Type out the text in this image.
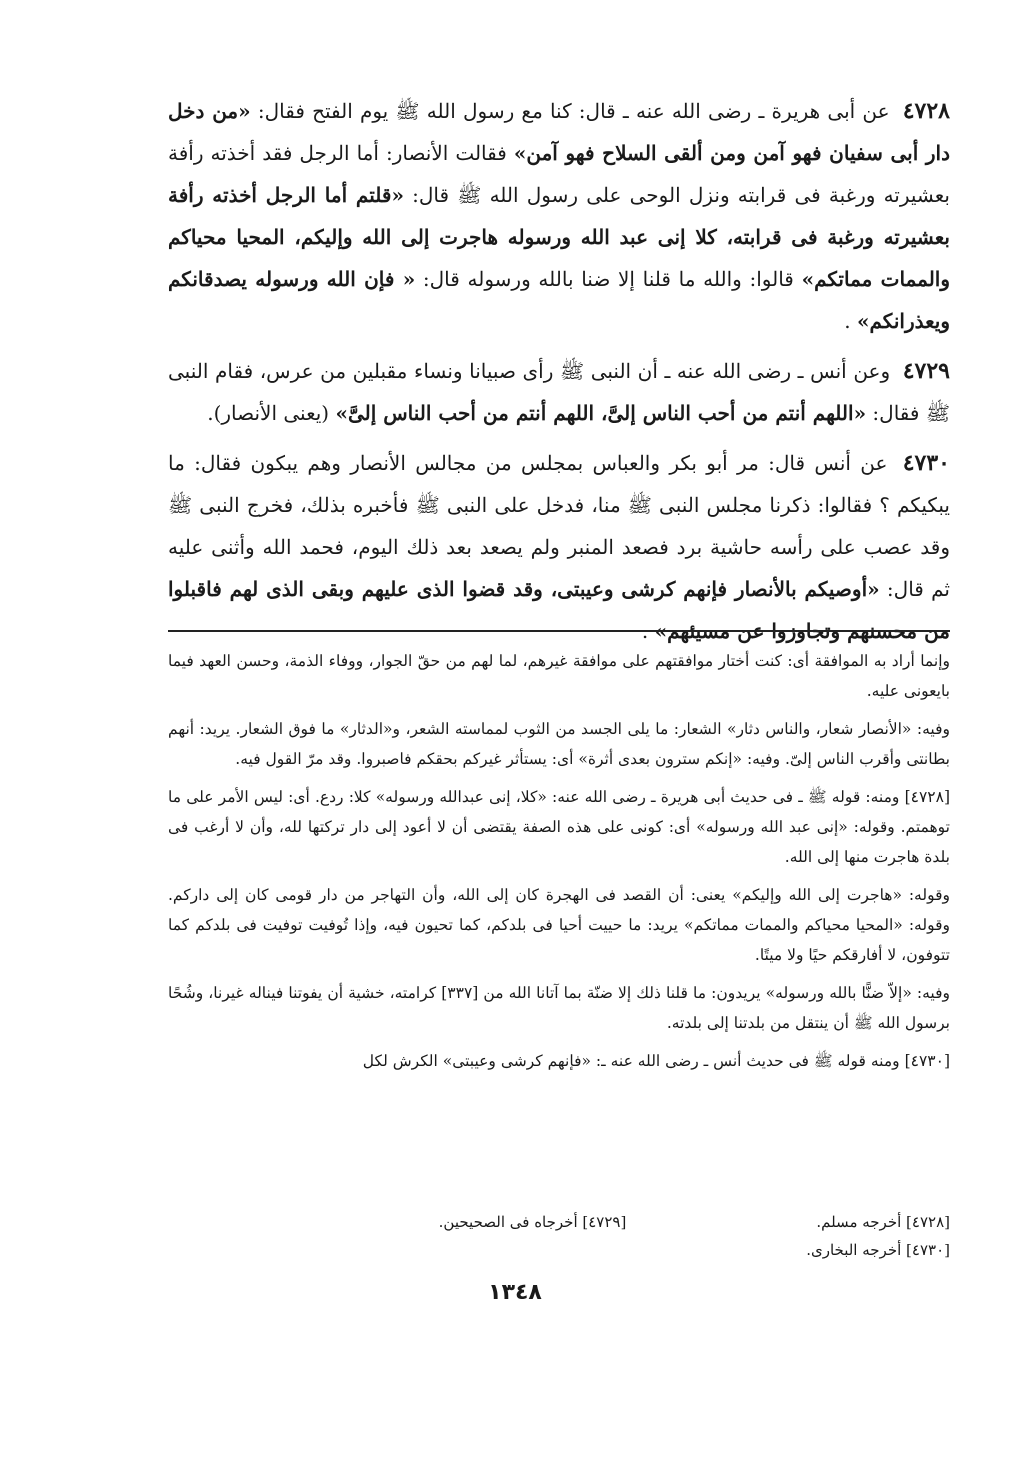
٤٧٢٨ عن أبى هريرة ـ رضى الله عنه ـ قال: كنا مع رسول الله ﷺ يوم الفتح فقال: «من دخل دار أبى سفيان فهو آمن ومن ألقى السلاح فهو آمن» فقالت الأنصار: أما الرجل فقد أخذته رأفة بعشيرته ورغبة فى قرابته ونزل الوحى على رسول الله ﷺ قال: «قلتم أما الرجل أخذته رأفة بعشيرته ورغبة فى قرابته، كلا إنى عبد الله ورسوله هاجرت إلى الله وإليكم، المحيا محياكم والممات مماتكم» قالوا: والله ما قلنا إلا ضنا بالله ورسوله قال: « فإن الله ورسوله يصدقانكم ويعذرانكم» .

٤٧٢٩ وعن أنس ـ رضى الله عنه ـ أن النبى ﷺ رأى صبيانا ونساء مقبلين من عرس، فقام النبى ﷺ فقال: «اللهم أنتم من أحب الناس إلىَّ، اللهم أنتم من أحب الناس إلىَّ» (يعنى الأنصار).

٤٧٣٠ عن أنس قال: مر أبو بكر والعباس بمجلس من مجالس الأنصار وهم يبكون فقال: ما يبكيكم ؟ فقالوا: ذكرنا مجلس النبى ﷺ منا، فدخل على النبى ﷺ فأخبره بذلك، فخرج النبى ﷺ وقد عصب على رأسه حاشية برد فصعد المنبر ولم يصعد بعد ذلك اليوم، فحمد الله وأثنى عليه ثم قال: «أوصيكم بالأنصار فإنهم كرشى وعيبتى، وقد قضوا الذى عليهم وبقى الذى لهم فاقبلوا من محسنهم وتجاوزوا عن مسيئهم» .

وإنما أراد به الموافقة أى: كنت أختار موافقتهم على موافقة غيرهم، لما لهم من حقّ الجوار، ووفاء الذمة، وحسن العهد فيما بايعونى عليه.

وفيه: «الأنصار شعار، والناس دثار» الشعار: ما يلى الجسد من الثوب لمماسته الشعر، و«الدثار» ما فوق الشعار. يريد: أنهم بطانتى وأقرب الناس إلىّ. وفيه: «إنكم سترون بعدى أثرة» أى: يستأثر غيركم بحقكم فاصبروا. وقد مرّ القول فيه.

[٤٧٢٨] ومنه: قوله ﷺ ـ فى حديث أبى هريرة ـ رضى الله عنه: «كلا، إنى عبدالله ورسوله» كلا: ردع. أى: ليس الأمر على ما توهمتم. وقوله: «إنى عبد الله ورسوله» أى: كونى على هذه الصفة يقتضى أن لا أعود إلى دار تركتها لله، وأن لا أرغب فى بلدة هاجرت منها إلى الله.

وقوله: «هاجرت إلى الله وإليكم» يعنى: أن القصد فى الهجرة كان إلى الله، وأن التهاجر من دار قومى كان إلى داركم. وقوله: «المحيا محياكم والممات مماتكم» يريد: ما حييت أحيا فى بلدكم، كما تحيون فيه، وإذا تُوفيت توفيت فى بلدكم كما تتوفون، لا أفارقكم حيًا ولا ميتًا.

وفيه: «إلاّ ضنًّا بالله ورسوله» يريدون: ما قلنا ذلك إلا ضنّة بما آتانا الله من [٣٣٧] كرامته، خشية أن يفوتنا فيناله غيرنا، وشُحًا برسول الله ﷺ أن ينتقل من بلدتنا إلى بلدته.

[٤٧٣٠] ومنه قوله ﷺ فى حديث أنس ـ رضى الله عنه ـ: «فإنهم كرشى وعيبتى» الكرش لكل

[٤٧٢٨] أخرجه مسلم.
[٤٧٢٩] أخرجاه فى الصحيحين.
[٤٧٣٠] أخرجه البخارى.
١٣٤٨
